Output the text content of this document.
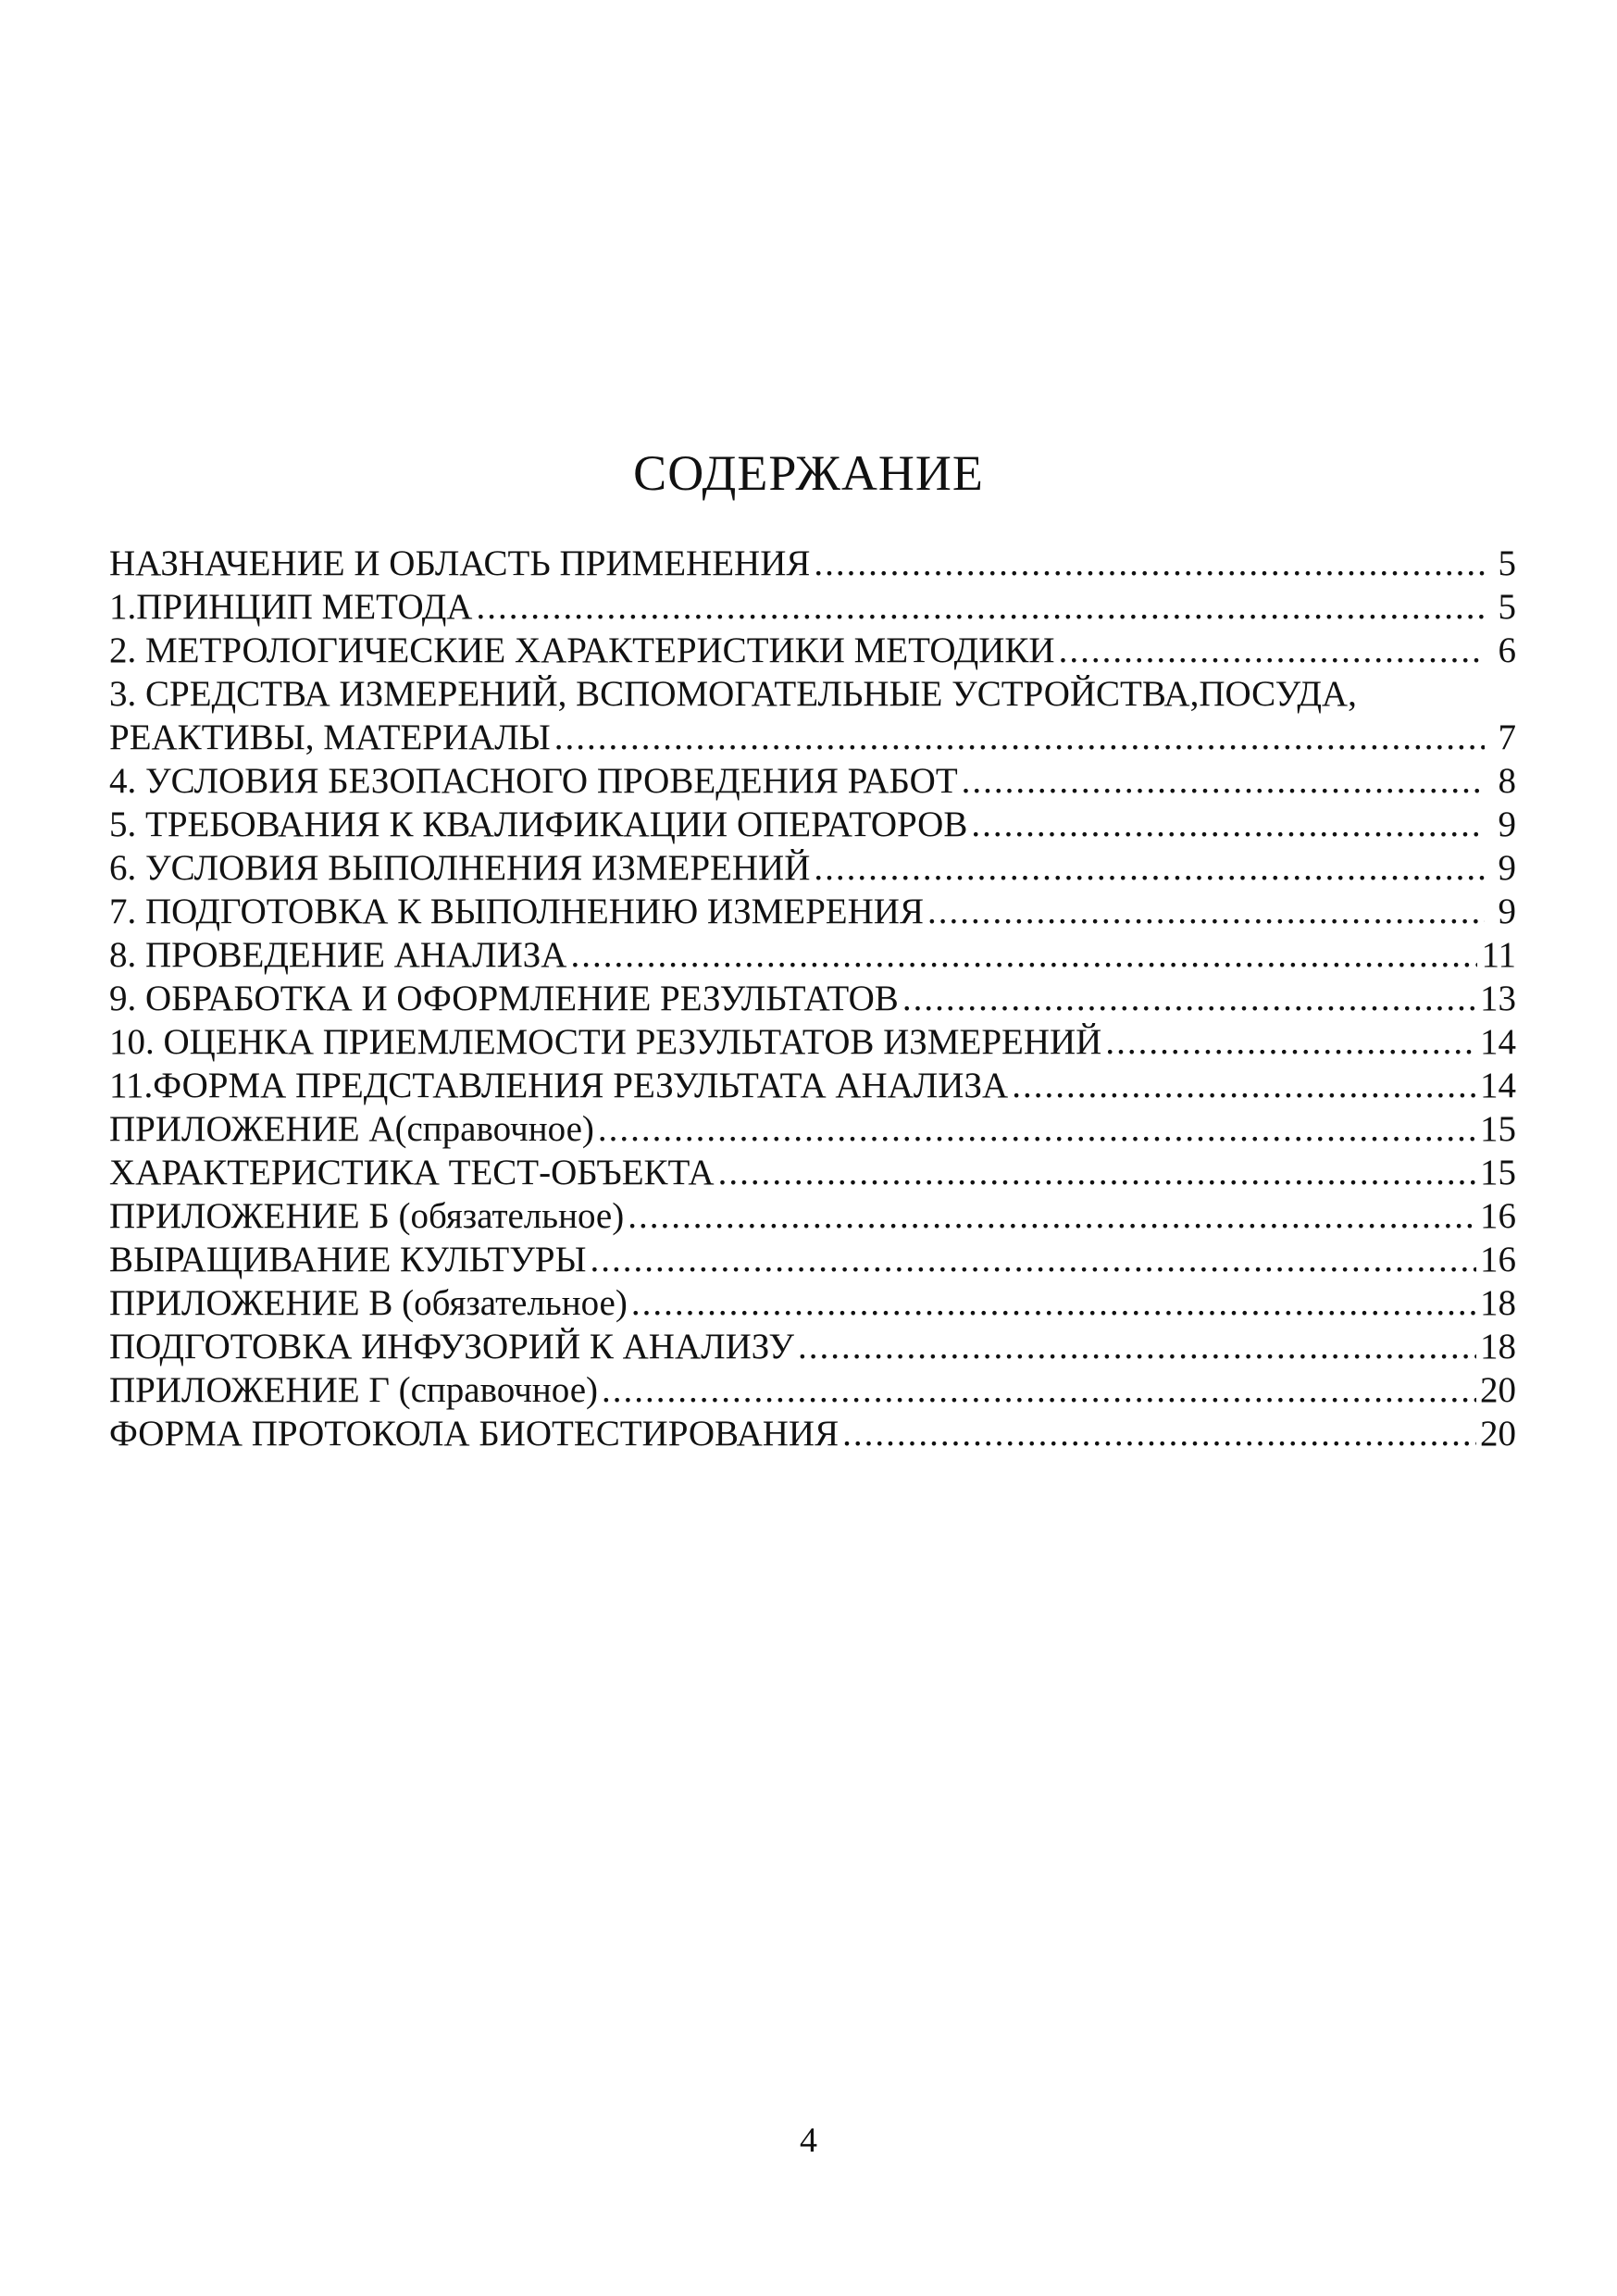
СОДЕРЖАНИЕ
НАЗНАЧЕНИЕ И ОБЛАСТЬ ПРИМЕНЕНИЯ .....	5
1.ПРИНЦИП МЕТОДА .....	5
2. МЕТРОЛОГИЧЕСКИЕ ХАРАКТЕРИСТИКИ МЕТОДИКИ .....	6
3. СРЕДСТВА ИЗМЕРЕНИЙ, ВСПОМОГАТЕЛЬНЫЕ УСТРОЙСТВА,ПОСУДА,
РЕАКТИВЫ, МАТЕРИАЛЫ .....	7
4. УСЛОВИЯ БЕЗОПАСНОГО ПРОВЕДЕНИЯ РАБОТ .....	8
5. ТРЕБОВАНИЯ К КВАЛИФИКАЦИИ ОПЕРАТОРОВ .....	9
6. УСЛОВИЯ ВЫПОЛНЕНИЯ ИЗМЕРЕНИЙ .....	9
7. ПОДГОТОВКА К ВЫПОЛНЕНИЮ ИЗМЕРЕНИЯ .....	9
8. ПРОВЕДЕНИЕ АНАЛИЗА .....	11
9. ОБРАБОТКА И ОФОРМЛЕНИЕ РЕЗУЛЬТАТОВ .....	13
10. ОЦЕНКА ПРИЕМЛЕМОСТИ РЕЗУЛЬТАТОВ ИЗМЕРЕНИЙ .....	14
11.ФОРМА ПРЕДСТАВЛЕНИЯ РЕЗУЛЬТАТА АНАЛИЗА .....	14
ПРИЛОЖЕНИЕ А(справочное) .....	15
ХАРАКТЕРИСТИКА ТЕСТ-ОБЪЕКТА .....	15
ПРИЛОЖЕНИЕ Б (обязательное) .....	16
ВЫРАЩИВАНИЕ КУЛЬТУРЫ .....	16
ПРИЛОЖЕНИЕ В (обязательное) .....	18
ПОДГОТОВКА ИНФУЗОРИЙ К АНАЛИЗУ .....	18
ПРИЛОЖЕНИЕ Г (справочное) .....	20
ФОРМА ПРОТОКОЛА БИОТЕСТИРОВАНИЯ .....	20
4
